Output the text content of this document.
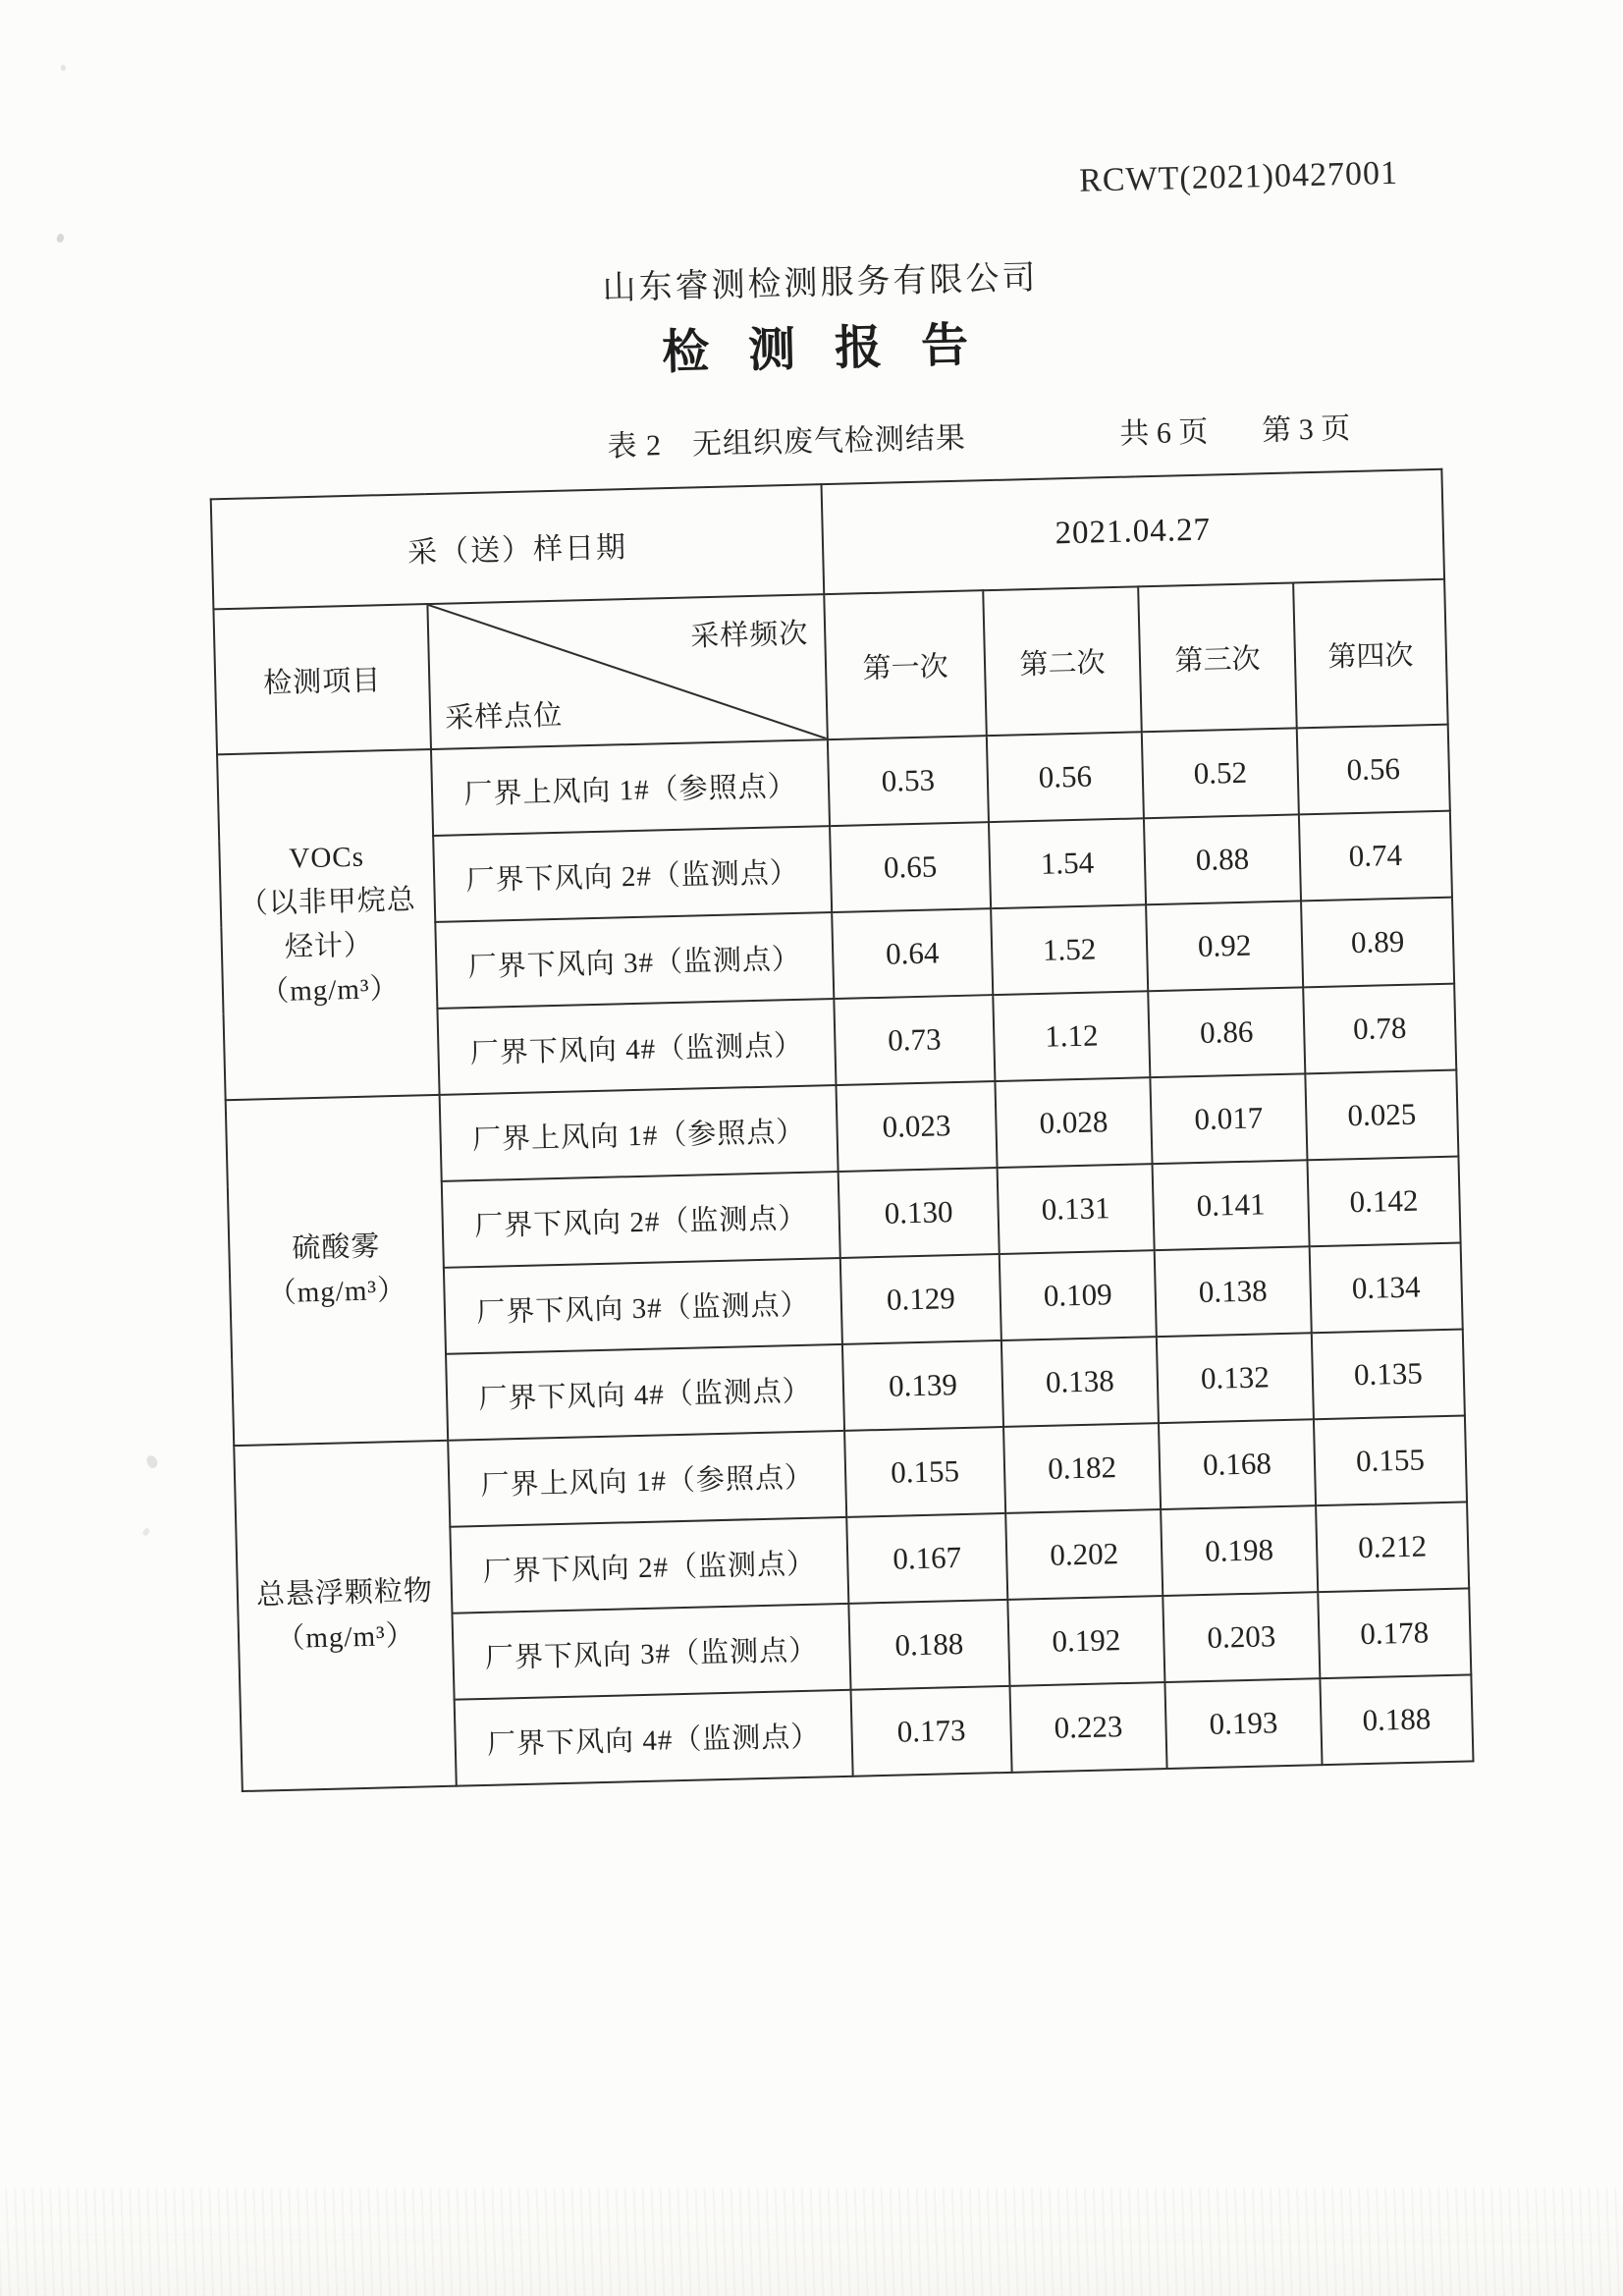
RCWT(2021)0427001
山东睿测检测服务有限公司
检 测 报 告
表 2　无组织废气检测结果	共 6 页 第 3 页
采（送）样日期		2021.04.27			
检测项目	采样频次
采样点位	第一次	第二次	第三次	第四次

VOCs
（以非甲烷总
烃计）
（mg/m³）	厂界上风向 1#（参照点）	0.53	0.56	0.52	0.56
	厂界下风向 2#（监测点）	0.65	1.54	0.88	0.74
	厂界下风向 3#（监测点）	0.64	1.52	0.92	0.89
	厂界下风向 4#（监测点）	0.73	1.12	0.86	0.78

硫酸雾
（mg/m³）	厂界上风向 1#（参照点）	0.023	0.028	0.017	0.025
	厂界下风向 2#（监测点）	0.130	0.131	0.141	0.142
	厂界下风向 3#（监测点）	0.129	0.109	0.138	0.134
	厂界下风向 4#（监测点）	0.139	0.138	0.132	0.135

总悬浮颗粒物
（mg/m³）	厂界上风向 1#（参照点）	0.155	0.182	0.168	0.155
	厂界下风向 2#（监测点）	0.167	0.202	0.198	0.212
	厂界下风向 3#（监测点）	0.188	0.192	0.203	0.178
	厂界下风向 4#（监测点）	0.173	0.223	0.193	0.188
